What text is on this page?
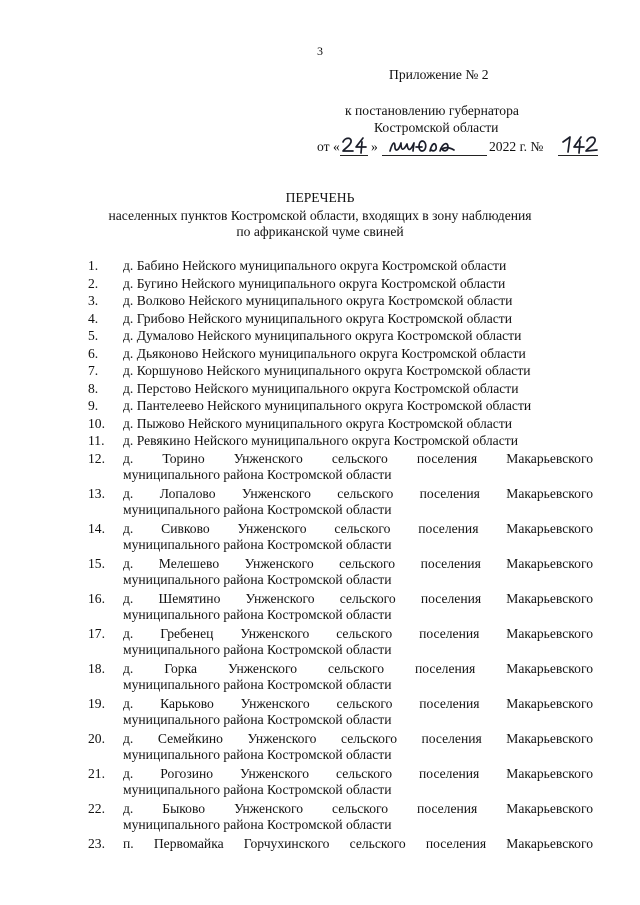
3
Приложение № 2
к постановлению губернатора
Костромской области
от « »	2022 г. №
ПЕРЕЧЕНЬ
населенных пунктов Костромской области, входящих в зону наблюдения
по африканской чуме свиней
1. д. Бабино Нейского муниципального округа Костромской области
2. д. Бугино Нейского муниципального округа Костромской области
3. д. Волково Нейского муниципального округа Костромской области
4. д. Грибово Нейского муниципального округа Костромской области
5. д. Думалово Нейского муниципального округа Костромской области
6. д. Дьяконово Нейского муниципального округа Костромской области
7. д. Коршуново Нейского муниципального округа Костромской области
8. д. Перстово Нейского муниципального округа Костромской области
9. д. Пантелеево Нейского муниципального округа Костромской области
10. д. Пыжово Нейского муниципального округа Костромской области
11. д. Ревякино Нейского муниципального округа Костромской области
12. д. Торино Унженского сельского поселения Макарьевского
муниципального района Костромской области
13. д. Лопалово Унженского сельского поселения Макарьевского
муниципального района Костромской области
14. д. Сивково Унженского сельского поселения Макарьевского
муниципального района Костромской области
15. д. Мелешево Унженского сельского поселения Макарьевского
муниципального района Костромской области
16. д. Шемятино Унженского сельского поселения Макарьевского
муниципального района Костромской области
17. д. Гребенец Унженского сельского поселения Макарьевского
муниципального района Костромской области
18. д. Горка Унженского сельского поселения Макарьевского
муниципального района Костромской области
19. д. Карьково Унженского сельского поселения Макарьевского
муниципального района Костромской области
20. д. Семейкино Унженского сельского поселения Макарьевского
муниципального района Костромской области
21. д. Рогозино Унженского сельского поселения Макарьевского
муниципального района Костромской области
22. д. Быково Унженского сельского поселения Макарьевского
муниципального района Костромской области
23. п. Первомайка Горчухинского сельского поселения Макарьевского
